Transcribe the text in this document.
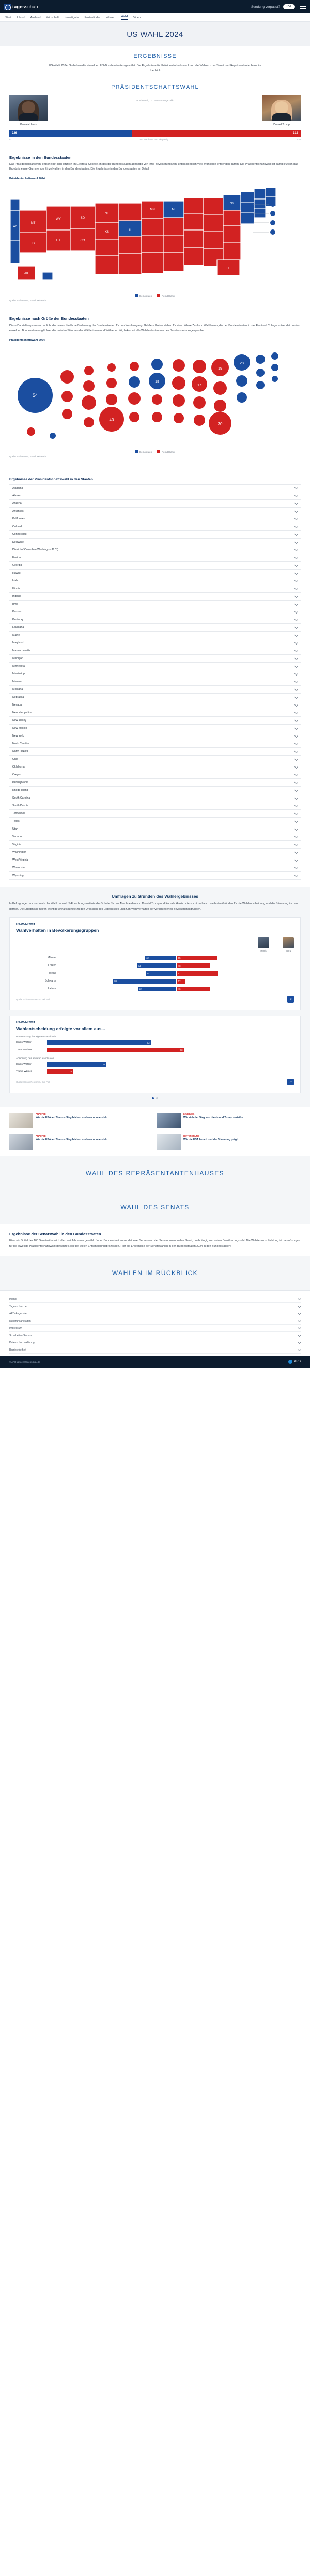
tagesschau	Sendung verpasst?	LIVE
Start Inland Ausland Wirtschaft Investigativ Faktenfinder Wissen Wahl Video
US WAHL 2024
ERGEBNISSE

US-Wahl 2024: So haben die einzelnen US-Bundesstaaten gewählt. Die Ergebnisse für Präsidentschaftswahl und die Wahlen zum Senat und Repräsentantenhaus im Überblick.

PRÄSIDENTSCHAFTSWAHL
Kamala Harris
Bundesweit, 100 Prozent ausgezählt
Donald Trump
226	312
0	270 Wahlleute zum Sieg nötig	538
Ergebnisse in den Bundesstaaten

Das Präsidentschaftswahl entscheidet sich letztlich im Electoral College. In das die Bundesstaaten abhängig von ihrer Bevölkerungszahl unterschiedlich viele Wahlleute entsenden dürfen. Die Präsidentschaftswahl ist damit letztlich das Ergebnis einzel-Summe von Einzelwahlen in den Bundesstaaten. Die Ergebnisse in den Bundesstaaten im Detail:

Präsidentschaftswahl 2024
MT
ID
WY
UT
SD
CO
WA
NE
KS	IL
MN	MI
NY
FL
AK
Demokraten	Republikaner
Quelle: AP/Reuters; Stand: Mittwoch
Ergebnisse nach Größe der Bundesstaaten

Diese Darstellung veranschaulicht die unterschiedliche Bedeutung der Bundesstaaten für den Wahlausgang. Größere Kreise stehen für eine höhere Zahl von Wahlleuten, die der Bundesstaaten in das Electoral College entsendet. In den einzelnen Bundesstaaten gilt: Wer die meisten Stimmen der Wählerinnen und Wähler erhält, bekommt alle Wahlleutestimmen des Bundesstaats zugesprochen.

Präsidentschaftswahl 2024
54
40
19
17
19
30
28
Demokraten	Republikaner
Quelle: AP/Reuters; Stand: Mittwoch
Ergebnisse der Präsidentschaftswahl in den Staaten
Alabama
Alaska
Arizona
Arkansas
Kalifornien
Colorado
Connecticut
Delaware
District of Columbia (Washington D.C.)
Florida
Georgia
Hawaii
Idaho
Illinois
Indiana
Iowa
Kansas
Kentucky
Louisiana
Maine
Maryland
Massachusetts
Michigan
Minnesota
Mississippi
Missouri
Montana
Nebraska
Nevada
New Hampshire
New Jersey
New Mexico
New York
North Carolina
North Dakota
Ohio
Oklahoma
Oregon
Pennsylvania
Rhode Island
South Carolina
South Dakota
Tennessee
Texas
Utah
Vermont
Virginia
Washington
West Virginia
Wisconsin
Wyoming
Umfragen zu Gründen des Wahlergebnisses

In Befragungen vor und nach der Wahl haben US-Forschungsinstitute die Gründe für das Abschneiden von Donald Trump und Kamala Harris untersucht und auch nach den Gründen für die Wahlentscheidung und die Stimmung im Land gefragt. Die Ergebnisse helfen wichtige Anhaltspunkte zu den Ursachen des Ergebnisses und zum Wahlverhalten der verschiedenen Bevölkerungsgruppen.

US-Wahl 2024
Wahlverhalten in Bevölkerungsgruppen
Harris	Trump
Männer	42	55
Frauen	53	45
Weiße	41	57
Schwarze	86	12
Latinos	52	46
Quelle: Edison Research / Exit Poll	↗
US-Wahl 2024
Wahlentscheidung erfolgte vor allem aus...
Unterstützung der eigenen Kandidatin
Harris-Wähler	63
Trump-Wähler	83
Ablehnung des anderen Kandidaten
Harris-Wähler	36
Trump-Wähler	16
Quelle: Edison Research / Exit Poll	↗
ANALYSE
Wie die USA auf Trumps Sieg blicken und was nun ansteht
LIVEBLOG
Wie sich der Sieg von Harris und Trump verteilte
ANALYSE
Wie die USA auf Trumps Sieg blicken und was nun ansteht
HINTERGRUND
Wie die USA herauf und die Stimmung prägt
WAHL DES REPRÄSENTANTENHAUSES
WAHL DES SENATS
Ergebnisse der Senatswahl in den Bundesstaaten

Etwa ein Drittel der 100 Senatssitze wird alle zwei Jahre neu gewählt. Jeder Bundesstaat entsendet zwei Senatoren oder Senatorinnen in den Senat, unabhängig von seiner Bevölkerungszahl. Die Wahlterminschichtung ist darauf sorgen für die jeweilige Präsidentschaftswahl gewählte Rolle bei vielen Entscheidungsprozessen. Hier die Ergebnisse der Senatswahlen in den Bundesstaaten 2024 in den Bundesstaaten:

WAHLEN IM RÜCKBLICK
Inland
Tagesschau.de
ARD-Angebote
Rundfunkanstalten
Impressum
So arbeiten Sie uns
Datenschutzerklärung
Barrierefreiheit
© ARD-aktuell / tagesschau.de	ARD
